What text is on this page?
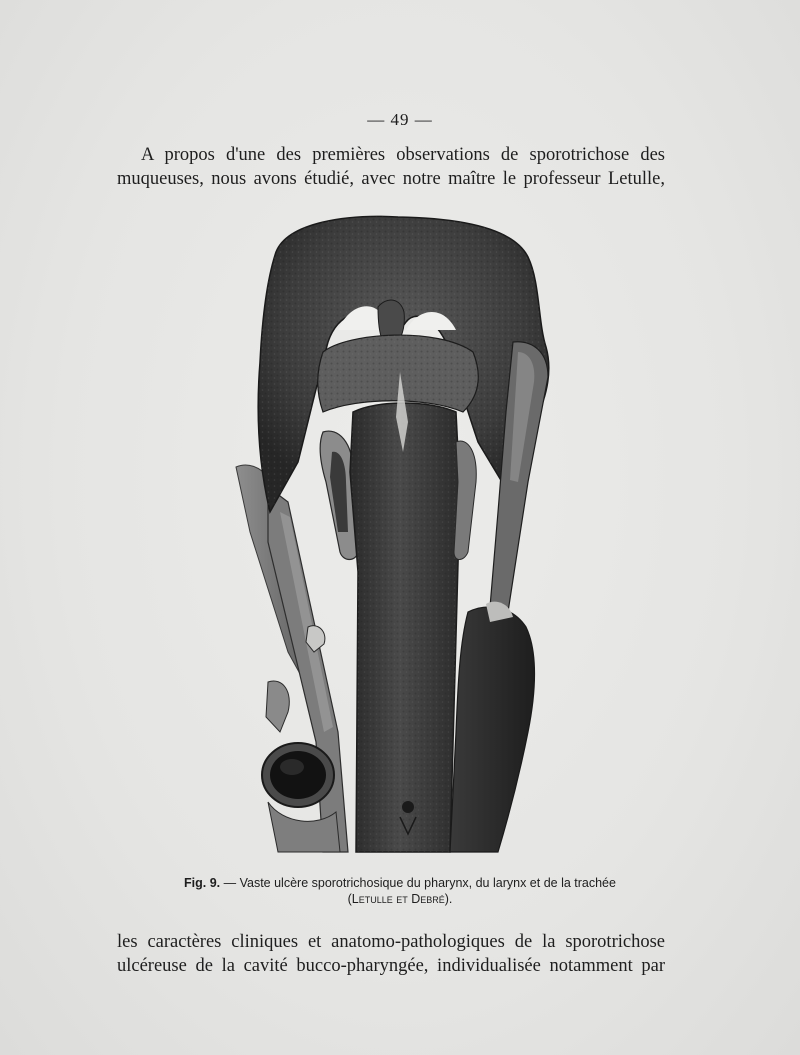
— 49 —
A propos d'une des premières observations de sporotrichose des
muqueuses, nous avons étudié, avec notre maître le professeur Letulle,
Fig. 9. — Vaste ulcère sporotrichosique du pharynx, du larynx et de la trachée
(Letulle et Debré).
les caractères cliniques et anatomo-pathologiques de la sporotrichose
ulcéreuse de la cavité bucco-pharyngée, individualisée notamment par
